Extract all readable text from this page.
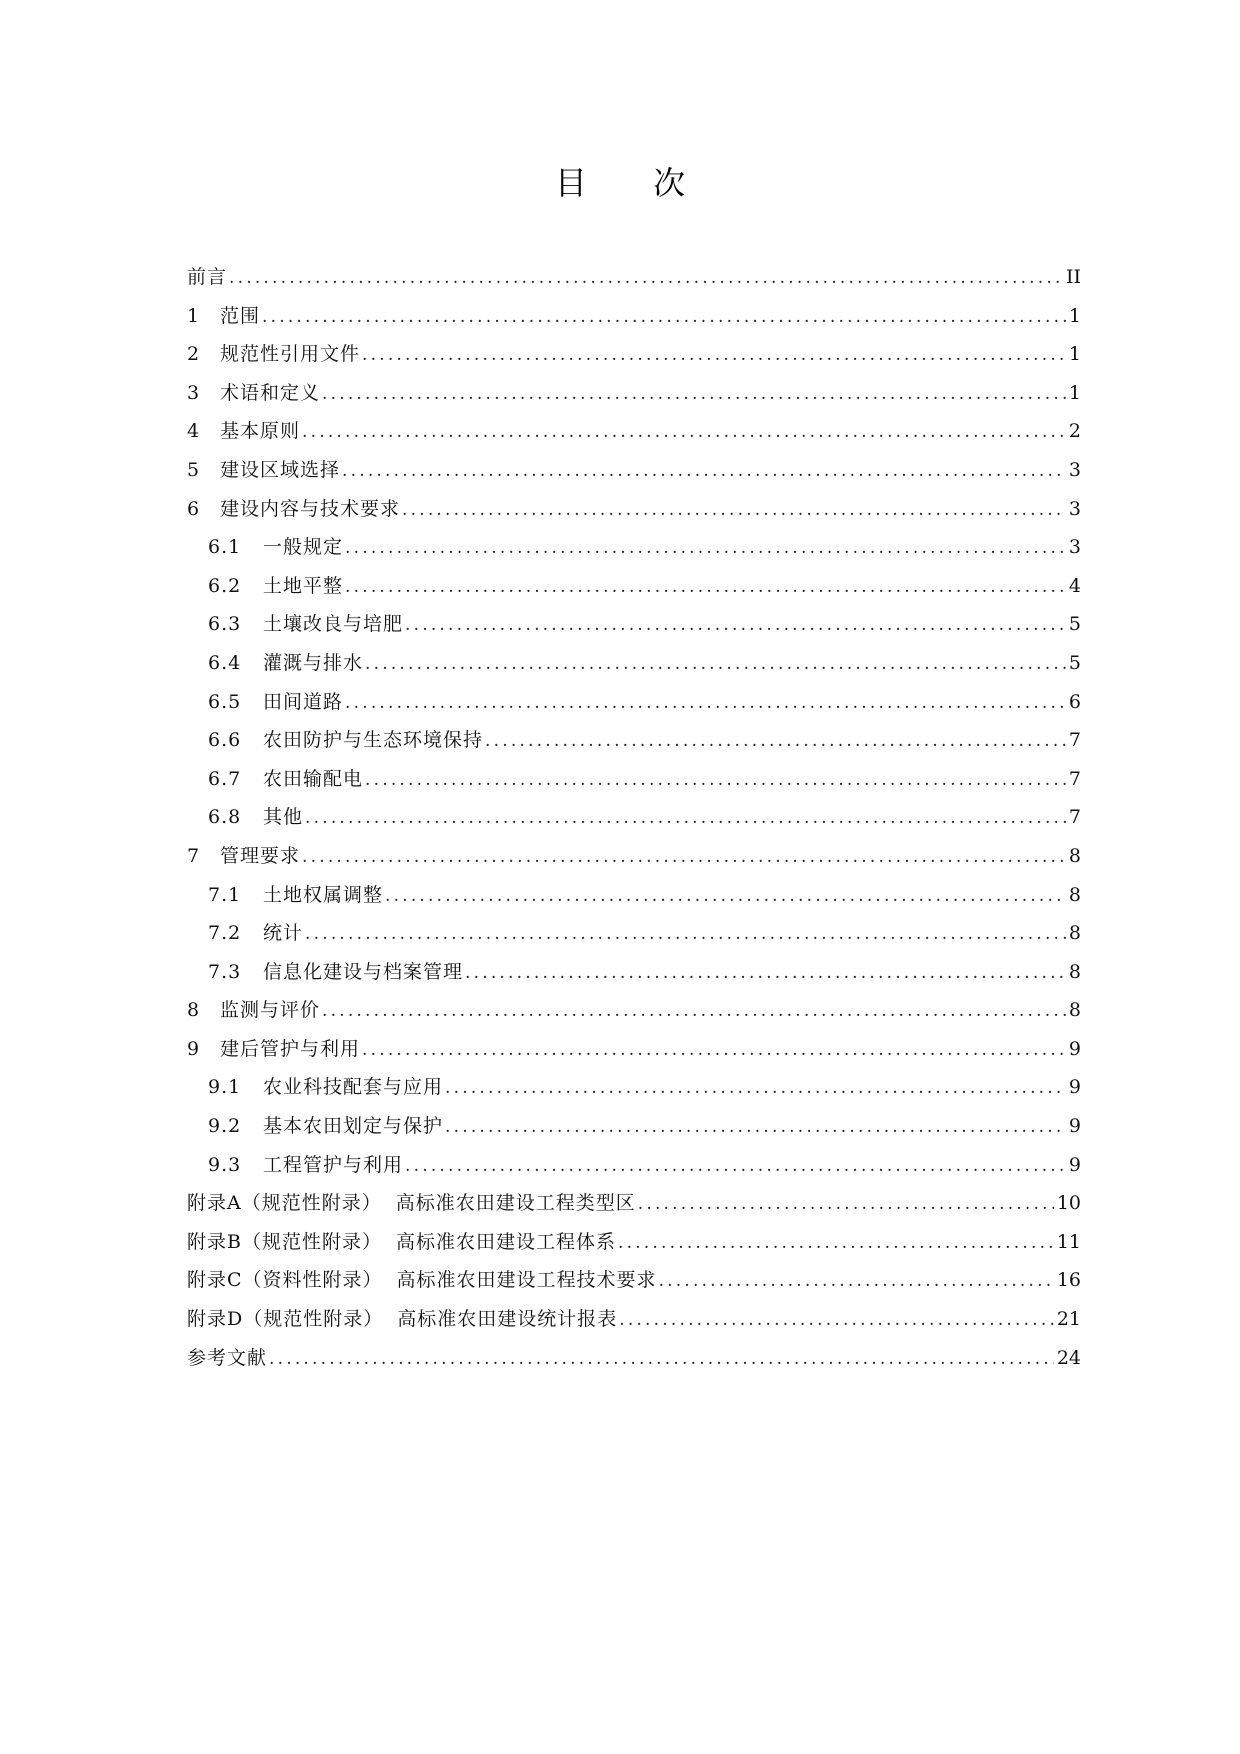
目 次
前言 .....	II
1	范围 .....	1
2	规范性引用文件 .....	1
3	术语和定义 .....	1
4	基本原则 .....	2
5	建设区域选择 .....	3
6	建设内容与技术要求 .....	3
6.1	一般规定 .....	3
6.2	土地平整 .....	4
6.3	土壤改良与培肥 .....	5
6.4	灌溉与排水 .....	5
6.5	田间道路 .....	6
6.6	农田防护与生态环境保持 .....	7
6.7	农田输配电 .....	7
6.8	其他 .....	7
7	管理要求 .....	8
7.1	土地权属调整 .....	8
7.2	统计 .....	8
7.3	信息化建设与档案管理 .....	8
8	监测与评价 .....	8
9	建后管护与利用 .....	9
9.1	农业科技配套与应用 .....	9
9.2	基本农田划定与保护 .....	9
9.3	工程管护与利用 .....	9
附录A（规范性附录） 高标准农田建设工程类型区 .....	10
附录B（规范性附录） 高标准农田建设工程体系 .....	11
附录C（资料性附录） 高标准农田建设工程技术要求 .....	16
附录D（规范性附录） 高标准农田建设统计报表 .....	21
参考文献 .....	24
